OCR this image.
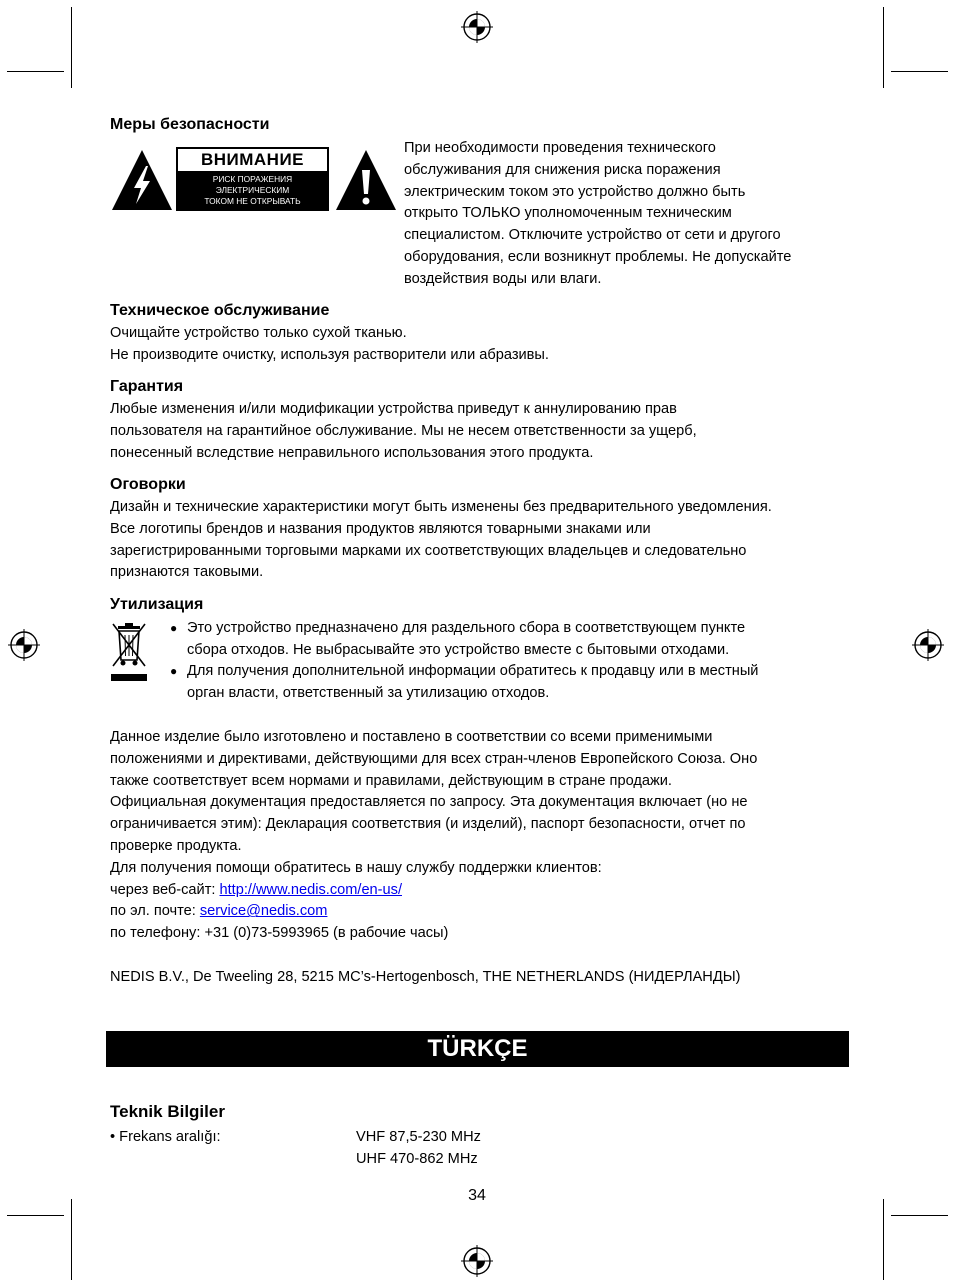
Меры безопасности
ВНИМАНИЕ
РИСК ПОРАЖЕНИЯ
ЭЛЕКТРИЧЕСКИМ
ТОКОМ НЕ ОТКРЫВАТЬ
При необходимости проведения технического
обслуживания для снижения риска поражения
электрическим током это устройство должно быть
открыто ТОЛЬКО уполномоченным техническим
специалистом. Отключите устройство от сети и другого
оборудования, если возникнут проблемы. Не допускайте
воздействия воды или влаги.
Техническое обслуживание
Очищайте устройство только сухой тканью.
Не производите очистку, используя растворители или абразивы.
Гарантия
Любые изменения и/или модификации устройства приведут к аннулированию прав
пользователя на гарантийное обслуживание. Мы не несем ответственности за ущерб,
понесенный вследствие неправильного использования этого продукта.
Оговорки
Дизайн и технические характеристики могут быть изменены без предварительного уведомления.
Все логотипы брендов и названия продуктов являются товарными знаками или
зарегистрированными торговыми марками их соответствующих владельцев и следовательно
признаются таковыми.
Утилизация
● Это устройство предназначено для раздельного сбора в соответствующем пункте
сбора отходов. Не выбрасывайте это устройство вместе с бытовыми отходами.
● Для получения дополнительной информации обратитесь к продавцу или в местный
орган власти, ответственный за утилизацию отходов.
Данное изделие было изготовлено и поставлено в соответствии со всеми применимыми
положениями и директивами, действующими для всех стран-членов Европейского Союза. Оно
также соответствует всем нормами и правилами, действующим в стране продажи.
Официальная документация предоставляется по запросу. Эта документация включает (но не
ограничивается этим): Декларация соответствия (и изделий), паспорт безопасности, отчет по
проверке продукта.
Для получения помощи обратитесь в нашу службу поддержки клиентов:
через веб-сайт: http://www.nedis.com/en-us/
по эл. почте: service@nedis.com
по телефону: +31 (0)73-5993965 (в рабочие часы)
NEDIS B.V., De Tweeling 28, 5215 MC’s-Hertogenbosch, THE NETHERLANDS (НИДЕРЛАНДЫ)
TÜRKÇE
Teknik Bilgiler
• Frekans aralığı:	VHF 87,5-230 MHz
UHF 470-862 MHz
34
